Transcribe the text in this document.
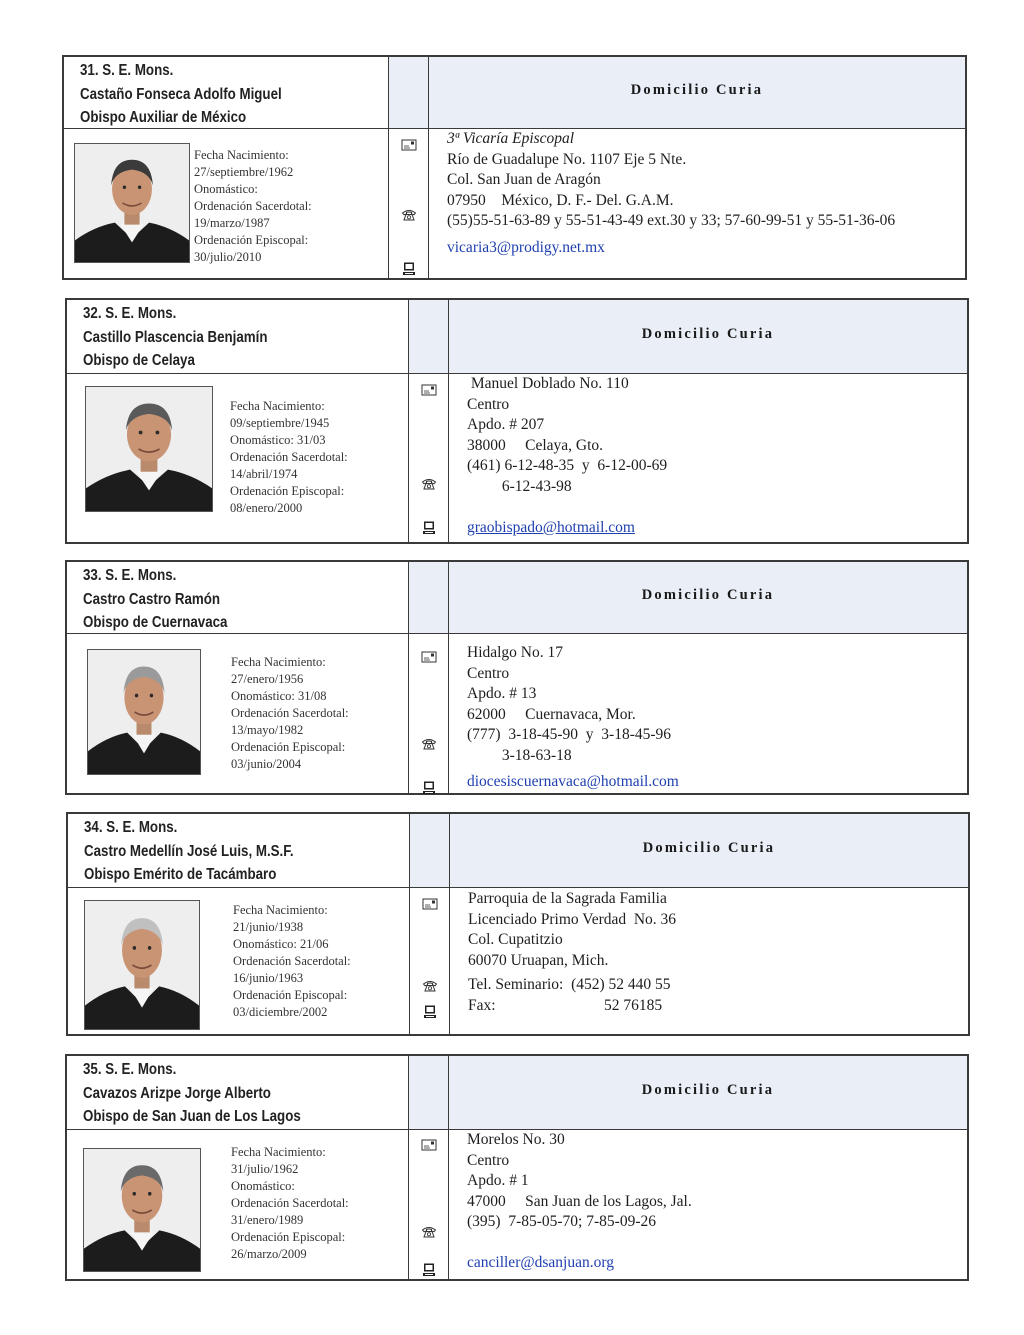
31. S. E. Mons.
Castaño Fonseca Adolfo Miguel
Obispo Auxiliar de México
Domicilio Curia
Fecha Nacimiento:
27/septiembre/1962
Onomástico:
Ordenación Sacerdotal:
19/marzo/1987
Ordenación Episcopal:
30/julio/2010
3ª Vicaría Episcopal
Río de Guadalupe No. 1107 Eje 5 Nte.
Col. San Juan de Aragón
07950    México, D. F.- Del. G.A.M.
(55)55-51-63-89 y 55-51-43-49 ext.30 y 33; 57-60-99-51 y 55-51-36-06
vicaria3@prodigy.net.mx
32. S. E. Mons.
Castillo Plascencia Benjamín
Obispo de Celaya
Domicilio Curia
Fecha Nacimiento:
09/septiembre/1945
Onomástico: 31/03
Ordenación Sacerdotal:
14/abril/1974
Ordenación Episcopal:
08/enero/2000
Manuel Doblado No. 110
Centro
Apdo. # 207
38000     Celaya, Gto.
(461) 6-12-48-35  y  6-12-00-69
6-12-43-98
graobispado@hotmail.com
33. S. E. Mons.
Castro Castro Ramón
Obispo de Cuernavaca
Domicilio Curia
Fecha Nacimiento:
27/enero/1956
Onomástico: 31/08
Ordenación Sacerdotal:
13/mayo/1982
Ordenación Episcopal:
03/junio/2004
Hidalgo No. 17
Centro
Apdo. # 13
62000     Cuernavaca, Mor.
(777)  3-18-45-90  y  3-18-45-96
3-18-63-18
diocesiscuernavaca@hotmail.com
34. S. E. Mons.
Castro Medellín José Luis, M.S.F.
Obispo Emérito de Tacámbaro
Domicilio Curia
Fecha Nacimiento:
21/junio/1938
Onomástico: 21/06
Ordenación Sacerdotal:
16/junio/1963
Ordenación Episcopal:
03/diciembre/2002
Parroquia de la Sagrada Familia
Licenciado Primo Verdad  No. 36
Col. Cupatitzio
60070 Uruapan, Mich.
Tel. Seminario:  (452) 52 440 55
Fax:                            52 76185
35. S. E. Mons.
Cavazos Arizpe Jorge Alberto
Obispo de San Juan de Los Lagos
Domicilio Curia
Fecha Nacimiento:
31/julio/1962
Onomástico:
Ordenación Sacerdotal:
31/enero/1989
Ordenación Episcopal:
26/marzo/2009
Morelos No. 30
Centro
Apdo. # 1
47000     San Juan de los Lagos, Jal.
(395)  7-85-05-70; 7-85-09-26
canciller@dsanjuan.org
